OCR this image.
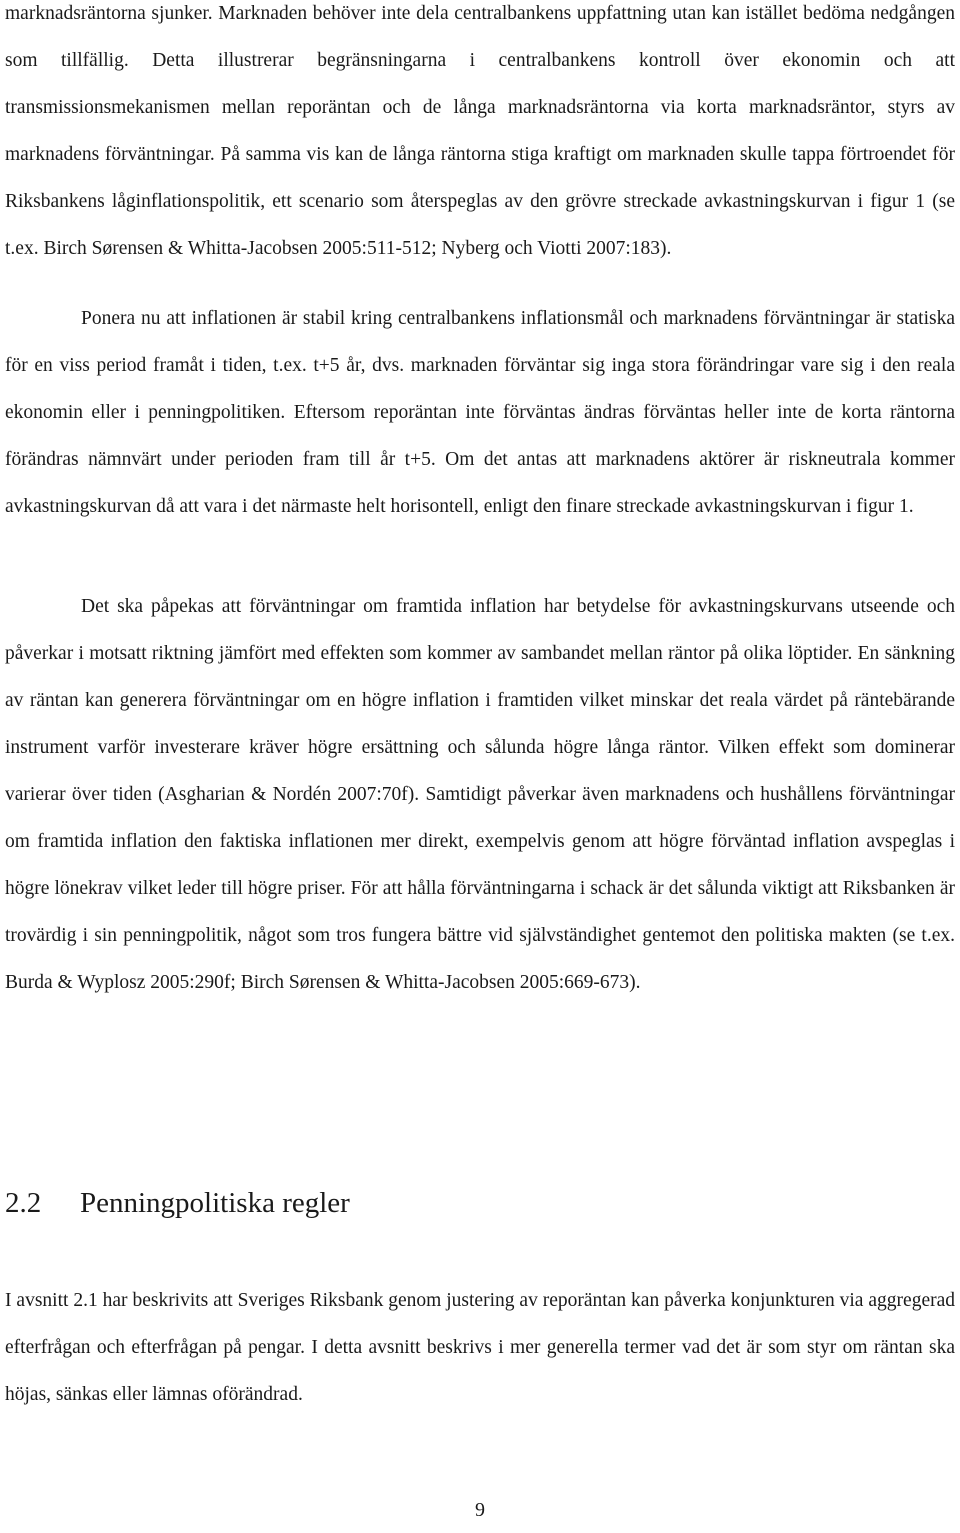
marknadsräntorna sjunker. Marknaden behöver inte dela centralbankens uppfattning utan kan istället bedöma nedgången som tillfällig. Detta illustrerar begränsningarna i centralbankens kontroll över ekonomin och att transmissionsmekanismen mellan reporäntan och de långa marknadsräntorna via korta marknadsräntor, styrs av marknadens förväntningar. På samma vis kan de långa räntorna stiga kraftigt om marknaden skulle tappa förtroendet för Riksbankens låginflationspolitik, ett scenario som återspeglas av den grövre streckade avkastningskurvan i figur 1 (se t.ex. Birch Sørensen & Whitta-Jacobsen 2005:511-512; Nyberg och Viotti 2007:183).

Ponera nu att inflationen är stabil kring centralbankens inflationsmål och marknadens förväntningar är statiska för en viss period framåt i tiden, t.ex. t+5 år, dvs. marknaden förväntar sig inga stora förändringar vare sig i den reala ekonomin eller i penningpolitiken. Eftersom reporäntan inte förväntas ändras förväntas heller inte de korta räntorna förändras nämnvärt under perioden fram till år t+5. Om det antas att marknadens aktörer är riskneutrala kommer avkastningskurvan då att vara i det närmaste helt horisontell, enligt den finare streckade avkastningskurvan i figur 1.

Det ska påpekas att förväntningar om framtida inflation har betydelse för avkastningskurvans utseende och påverkar i motsatt riktning jämfört med effekten som kommer av sambandet mellan räntor på olika löptider. En sänkning av räntan kan generera förväntningar om en högre inflation i framtiden vilket minskar det reala värdet på räntebärande instrument varför investerare kräver högre ersättning och sålunda högre långa räntor. Vilken effekt som dominerar varierar över tiden (Asgharian & Nordén 2007:70f). Samtidigt påverkar även marknadens och hushållens förväntningar om framtida inflation den faktiska inflationen mer direkt, exempelvis genom att högre förväntad inflation avspeglas i högre lönekrav vilket leder till högre priser. För att hålla förväntningarna i schack är det sålunda viktigt att Riksbanken är trovärdig i sin penningpolitik, något som tros fungera bättre vid självständighet gentemot den politiska makten (se t.ex. Burda & Wyplosz 2005:290f; Birch Sørensen & Whitta-Jacobsen 2005:669-673).

2.2 Penningpolitiska regler

I avsnitt 2.1 har beskrivits att Sveriges Riksbank genom justering av reporäntan kan påverka konjunkturen via aggregerad efterfrågan och efterfrågan på pengar. I detta avsnitt beskrivs i mer generella termer vad det är som styr om räntan ska höjas, sänkas eller lämnas oförändrad.

9
